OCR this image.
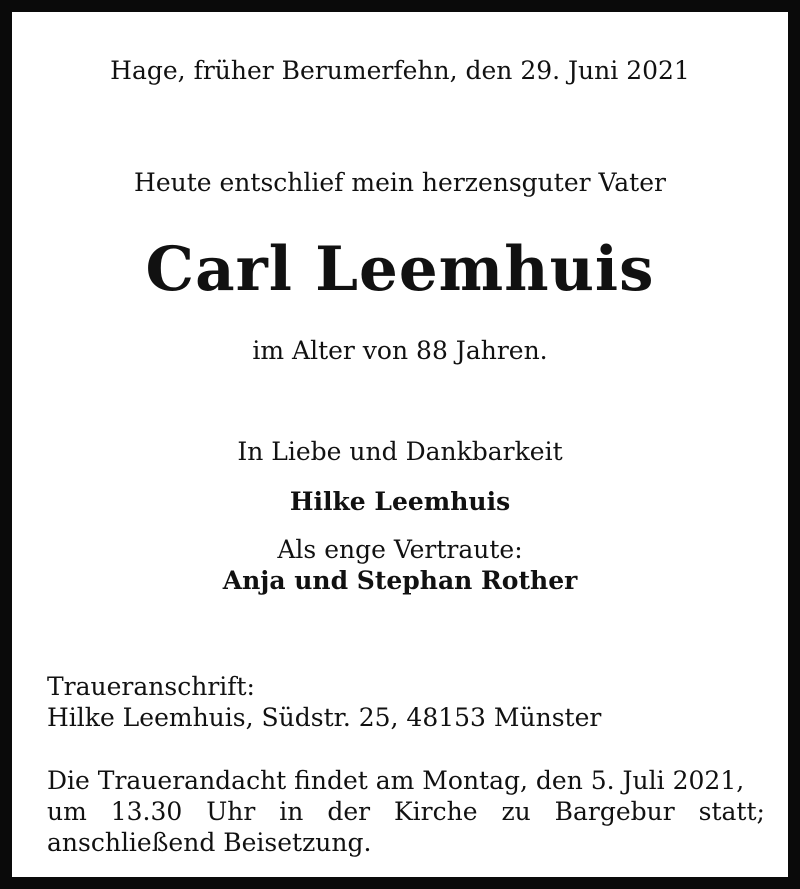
Hage, früher Berumerfehn, den 29. Juni 2021
Heute entschlief mein herzensguter Vater
Carl Leemhuis
im Alter von 88 Jahren.
In Liebe und Dankbarkeit
Hilke Leemhuis
Als enge Vertraute:
Anja und Stephan Rother
Traueranschrift:
Hilke Leemhuis, Südstr. 25, 48153 Münster
Die Trauerandacht findet am Montag, den 5. Juli 2021,
um 13.30 Uhr in der Kirche zu Bargebur statt;
anschließend Beisetzung.
